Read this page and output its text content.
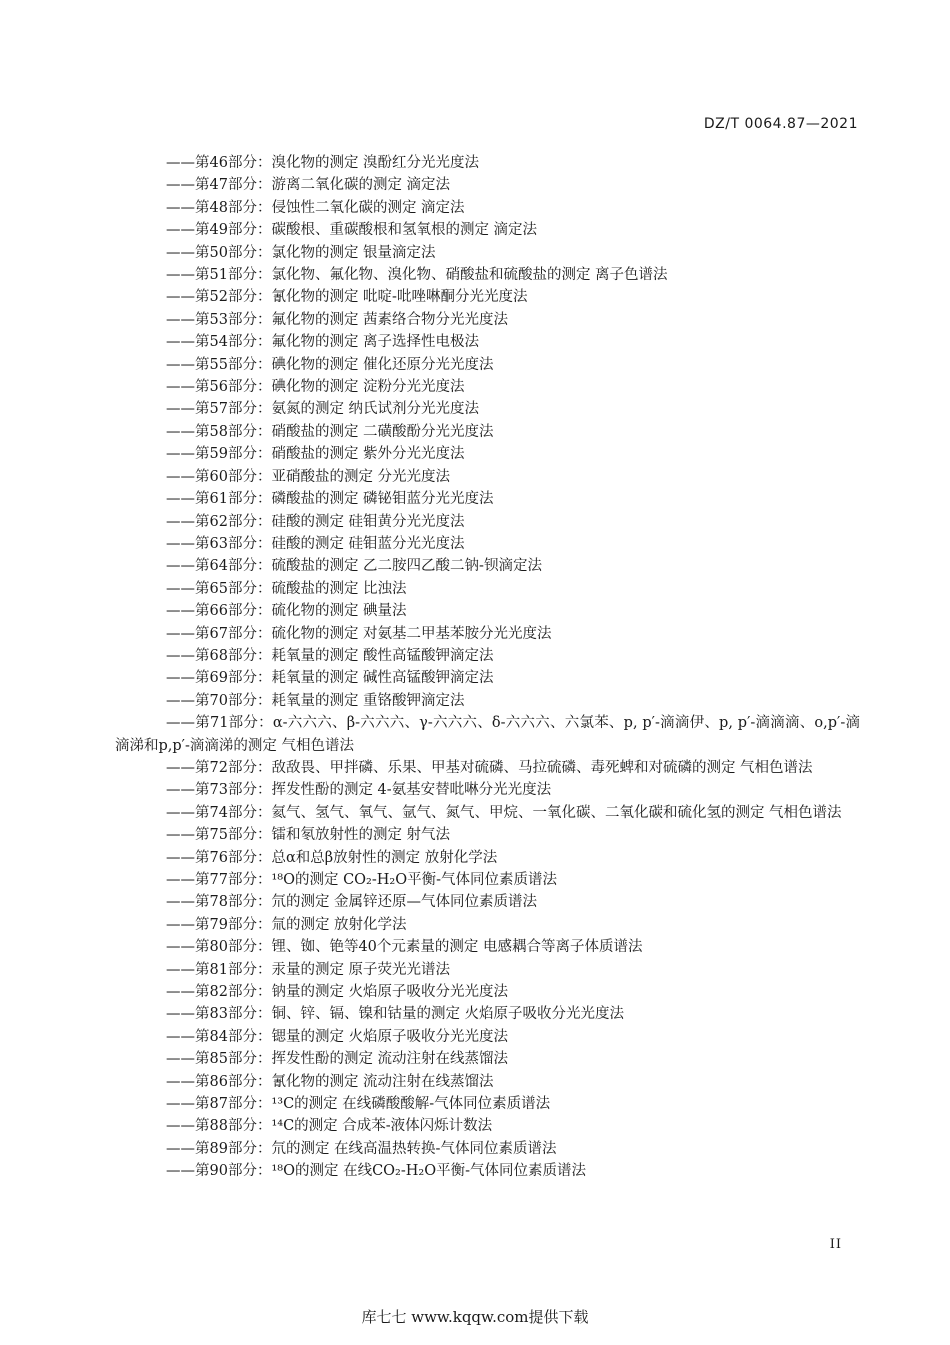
DZ/T 0064.87—2021
——第46部分：溴化物的测定 溴酚红分光光度法
——第47部分：游离二氧化碳的测定 滴定法
——第48部分：侵蚀性二氧化碳的测定 滴定法
——第49部分：碳酸根、重碳酸根和氢氧根的测定 滴定法
——第50部分：氯化物的测定 银量滴定法
——第51部分：氯化物、氟化物、溴化物、硝酸盐和硫酸盐的测定 离子色谱法
——第52部分：氰化物的测定 吡啶-吡唑啉酮分光光度法
——第53部分：氟化物的测定 茜素络合物分光光度法
——第54部分：氟化物的测定 离子选择性电极法
——第55部分：碘化物的测定 催化还原分光光度法
——第56部分：碘化物的测定 淀粉分光光度法
——第57部分：氨氮的测定 纳氏试剂分光光度法
——第58部分：硝酸盐的测定 二磺酸酚分光光度法
——第59部分：硝酸盐的测定 紫外分光光度法
——第60部分：亚硝酸盐的测定 分光光度法
——第61部分：磷酸盐的测定 磷铋钼蓝分光光度法
——第62部分：硅酸的测定 硅钼黄分光光度法
——第63部分：硅酸的测定 硅钼蓝分光光度法
——第64部分：硫酸盐的测定 乙二胺四乙酸二钠-钡滴定法
——第65部分：硫酸盐的测定 比浊法
——第66部分：硫化物的测定 碘量法
——第67部分：硫化物的测定 对氨基二甲基苯胺分光光度法
——第68部分：耗氧量的测定 酸性高锰酸钾滴定法
——第69部分：耗氧量的测定 碱性高锰酸钾滴定法
——第70部分：耗氧量的测定 重铬酸钾滴定法
——第71部分：α-六六六、β-六六六、γ-六六六、δ-六六六、六氯苯、p, p′-滴滴伊、p, p′-滴滴滴、o,p′-滴滴涕和p,p′-滴滴涕的测定 气相色谱法
——第72部分：敌敌畏、甲拌磷、乐果、甲基对硫磷、马拉硫磷、毒死蜱和对硫磷的测定 气相色谱法
——第73部分：挥发性酚的测定 4-氨基安替吡啉分光光度法
——第74部分：氦气、氢气、氧气、氩气、氮气、甲烷、一氧化碳、二氧化碳和硫化氢的测定 气相色谱法
——第75部分：镭和氡放射性的测定 射气法
——第76部分：总α和总β放射性的测定 放射化学法
——第77部分：¹⁸O的测定 CO₂-H₂O平衡-气体同位素质谱法
——第78部分：氘的测定 金属锌还原—气体同位素质谱法
——第79部分：氚的测定 放射化学法
——第80部分：锂、铷、铯等40个元素量的测定 电感耦合等离子体质谱法
——第81部分：汞量的测定 原子荧光光谱法
——第82部分：钠量的测定 火焰原子吸收分光光度法
——第83部分：铜、锌、镉、镍和钴量的测定 火焰原子吸收分光光度法
——第84部分：锶量的测定 火焰原子吸收分光光度法
——第85部分：挥发性酚的测定 流动注射在线蒸馏法
——第86部分：氰化物的测定 流动注射在线蒸馏法
——第87部分：¹³C的测定 在线磷酸酸解-气体同位素质谱法
——第88部分：¹⁴C的测定 合成苯-液体闪烁计数法
——第89部分：氘的测定 在线高温热转换-气体同位素质谱法
——第90部分：¹⁸O的测定 在线CO₂-H₂O平衡-气体同位素质谱法
II
库七七 www.kqqw.com提供下载
